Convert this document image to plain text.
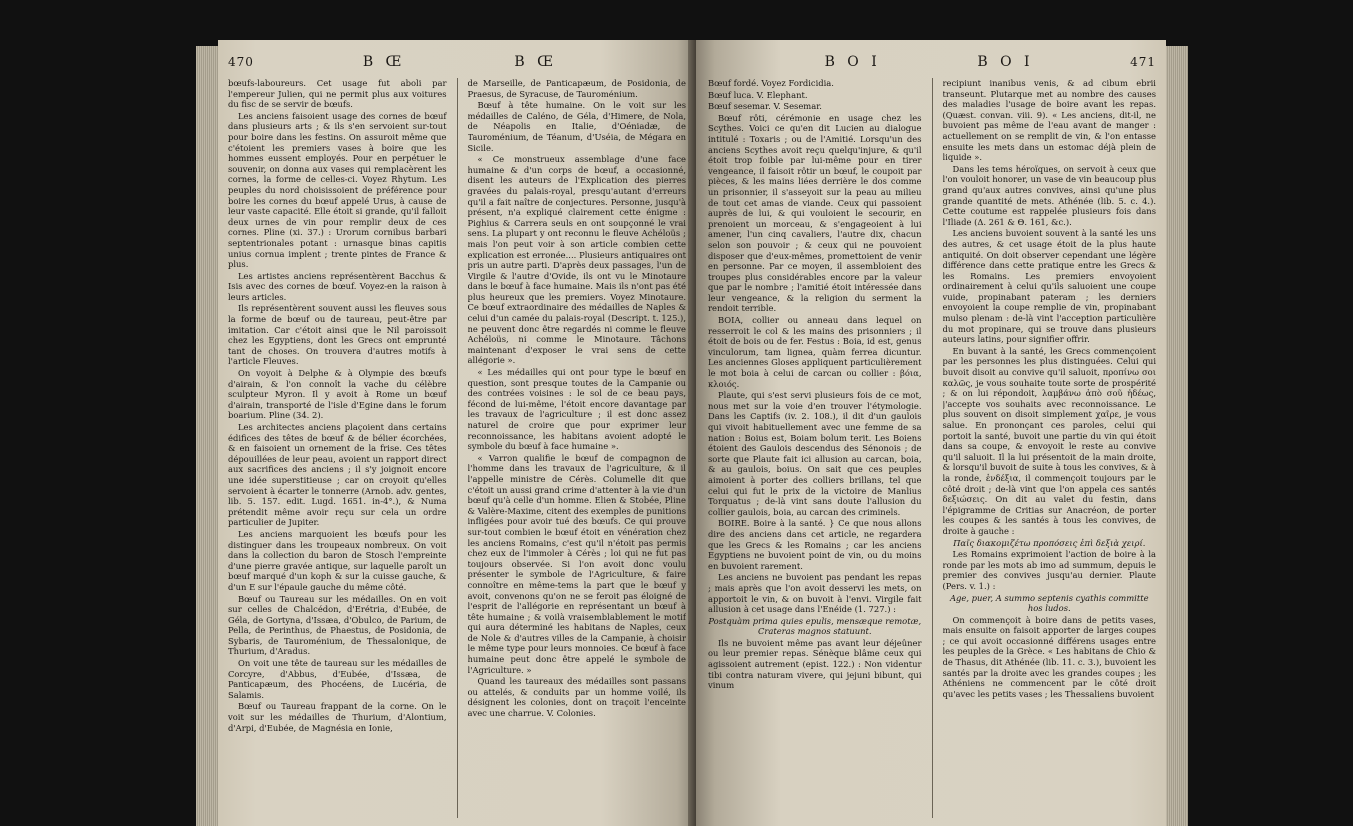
470	B Œ	B Œ

bœufs-laboureurs. Cet usage fut aboli par l'empereur Julien, qui ne permit plus aux voitures du fisc de se servir de bœufs.

Les anciens faisoient usage des cornes de bœuf dans plusieurs arts ; & ils s'en servoient sur-tout pour boire dans les festins. On assuroit même que c'étoient les premiers vases à boire que les hommes eussent employés. Pour en perpétuer le souvenir, on donna aux vases qui remplacèrent les cornes, la forme de celles-ci. Voyez Rhytum. Les peuples du nord choisissoient de préférence pour boire les cornes du bœuf appelé Urus, à cause de leur vaste capacité. Elle étoit si grande, qu'il falloit deux urnes de vin pour remplir deux de ces cornes. Pline (xi. 37.) : Urorum cornibus barbari septentrionales potant : urnasque binas capitis unius cornua implent ; trente pintes de France & plus.

Les artistes anciens représentèrent Bacchus & Isis avec des cornes de bœuf. Voyez-en la raison à leurs articles.

Ils représentèrent souvent aussi les fleuves sous la forme de bœuf ou de taureau, peut-être par imitation. Car c'étoit ainsi que le Nil paroissoit chez les Egyptiens, dont les Grecs ont emprunté tant de choses. On trouvera d'autres motifs à l'article Fleuves.

On voyoit à Delphe & à Olympie des bœufs d'airain, & l'on connoît la vache du célèbre sculpteur Myron. Il y avoit à Rome un bœuf d'airain, transporté de l'isle d'Egine dans le forum boarium. Pline (34. 2).

Les architectes anciens plaçoient dans certains édifices des têtes de bœuf & de bélier écorchées, & en faisoient un ornement de la frise. Ces têtes dépouillées de leur peau, avoient un rapport direct aux sacrifices des anciens ; il s'y joignoit encore une idée superstitieuse ; car on croyoit qu'elles servoient à écarter le tonnerre (Arnob. adv. gentes, lib. 5. 157. edit. Lugd. 1651. in-4°.), & Numa prétendit même avoir reçu sur cela un ordre particulier de Jupiter.

Les anciens marquoient les bœufs pour les distinguer dans les troupeaux nombreux. On voit dans la collection du baron de Stosch l'empreinte d'une pierre gravée antique, sur laquelle paroît un bœuf marqué d'un koph & sur la cuisse gauche, & d'un E sur l'épaule gauche du même côté.

Bœuf ou Taureau sur les médailles. On en voit sur celles de Chalcédon, d'Erétria, d'Eubée, de Géla, de Gortyna, d'Issæa, d'Obulco, de Parium, de Pella, de Perinthus, de Phaestus, de Posidonia, de Sybaris, de Tauroménium, de Thessalonique, de Thurium, d'Aradus.

On voit une tête de taureau sur les médailles de Corcyre, d'Abbus, d'Eubée, d'Issæa, de Panticapæum, des Phocéens, de Lucéria, de Salamis.

Bœuf ou Taureau frappant de la corne. On le voit sur les médailles de Thurium, d'Alontium, d'Arpi, d'Eubée, de Magnésia en Ionie,

de Marseille, de Panticapæum, de Posidonia, de Praesus, de Syracuse, de Tauroménium.

Bœuf à tête humaine. On le voit sur les médailles de Caléno, de Géla, d'Himere, de Nola, de Néapolis en Italie, d'Oéniadæ, de Tauroménium, de Téanum, d'Uséia, de Mégara en Sicile.

« Ce monstrueux assemblage d'une face humaine & d'un corps de bœuf, a occasionné, disent les auteurs de l'Explication des pierres gravées du palais-royal, presqu'autant d'erreurs qu'il a fait naître de conjectures. Personne, jusqu'à présent, n'a expliqué clairement cette énigme : Pighius & Carrera seuls en ont soupçonné le vrai sens. La plupart y ont reconnu le fleuve Achéloüs ; mais l'on peut voir à son article combien cette explication est erronée.... Plusieurs antiquaires ont pris un autre parti. D'après deux passages, l'un de Virgile & l'autre d'Ovide, ils ont vu le Minotaure dans le bœuf à face humaine. Mais ils n'ont pas été plus heureux que les premiers. Voyez Minotaure. Ce bœuf extraordinaire des médailles de Naples & celui d'un camée du palais-royal (Descript. t. 125.), ne peuvent donc être regardés ni comme le fleuve Achéloüs, ni comme le Minotaure. Tâchons maintenant d'exposer le vrai sens de cette allégorie ».

« Les médailles qui ont pour type le bœuf en question, sont presque toutes de la Campanie ou des contrées voisines : le sol de ce beau pays, fécond de lui-même, l'étoit encore davantage par les travaux de l'agriculture ; il est donc assez naturel de croire que pour exprimer leur reconnoissance, les habitans avoient adopté le symbole du bœuf à face humaine ».

« Varron qualifie le bœuf de compagnon de l'homme dans les travaux de l'agriculture, & il l'appelle ministre de Cérès. Columelle dit que c'étoit un aussi grand crime d'attenter à la vie d'un bœuf qu'à celle d'un homme. Elien & Stobée, Pline & Valère-Maxime, citent des exemples de punitions infligées pour avoir tué des bœufs. Ce qui prouve sur-tout combien le bœuf étoit en vénération chez les anciens Romains, c'est qu'il n'étoit pas permis chez eux de l'immoler à Cérès ; loi qui ne fut pas toujours observée. Si l'on avoit donc voulu présenter le symbole de l'Agriculture, & faire connoître en même-tems la part que le bœuf y avoit, convenons qu'on ne se feroit pas éloigné de l'esprit de l'allégorie en représentant un bœuf à tête humaine ; & voilà vraisemblablement le motif qui aura déterminé les habitans de Naples, ceux de Nole & d'autres villes de la Campanie, à choisir le même type pour leurs monnoies. Ce bœuf à face humaine peut donc être appelé le symbole de l'Agriculture. »

Quand les taureaux des médailles sont passans ou attelés, & conduits par un homme voilé, ils désignent les colonies, dont on traçoit l'enceinte avec une charrue. V. Colonies.

B O I	B O I	471

Bœuf fordé. Voyez Fordicidia.

Bœuf luca. V. Elephant.

Bœuf sesemar. V. Sesemar.

Bœuf rôti, cérémonie en usage chez les Scythes. Voici ce qu'en dit Lucien au dialogue intitulé : Toxaris ; ou de l'Amitié. Lorsqu'un des anciens Scythes avoit reçu quelqu'injure, & qu'il étoit trop foible par lui-même pour en tirer vengeance, il faisoit rôtir un bœuf, le coupoit par pièces, & les mains liées derrière le dos comme un prisonnier, il s'asseyoit sur la peau au milieu de tout cet amas de viande. Ceux qui passoient auprès de lui, & qui vouloient le secourir, en prenoient un morceau, & s'engageoient à lui amener, l'un cinq cavaliers, l'autre dix, chacun selon son pouvoir ; & ceux qui ne pouvoient disposer que d'eux-mêmes, promettoient de venir en personne. Par ce moyen, il assembloient des troupes plus considérables encore par la valeur que par le nombre ; l'amitié étoit intéressée dans leur vengeance, & la religion du serment la rendoit terrible.

BOIA, collier ou anneau dans lequel on resserroit le col & les mains des prisonniers ; il étoit de bois ou de fer. Festus : Boia, id est, genus vinculorum, tam lignea, quàm ferrea dicuntur. Les anciennes Gloses appliquent particulièrement le mot boia à celui de carcan ou collier : βόια, κλοιός.

Plaute, qui s'est servi plusieurs fois de ce mot, nous met sur la voie d'en trouver l'étymologie. Dans les Captifs (iv. 2. 108.), il dit d'un gaulois qui vivoit habituellement avec une femme de sa nation : Boius est, Boiam bolum terit. Les Boiens étoient des Gaulois descendus des Sénonois ; de sorte que Plaute fait ici allusion au carcan, boia, & au gaulois, boius. On sait que ces peuples aimoient à porter des colliers brillans, tel que celui qui fut le prix de la victoire de Manlius Torquatus ; de-là vint sans doute l'allusion du collier gaulois, boia, au carcan des criminels.

BOIRE. Boire à la santé. } Ce que nous allons dire des anciens dans cet article, ne regardera que les Grecs & les Romains ; car les anciens Egyptiens ne buvoient point de vin, ou du moins en buvoient rarement.

Les anciens ne buvoient pas pendant les repas ; mais après que l'on avoit desservi les mets, on apportoit le vin, & on buvoit à l'envi. Virgile fait allusion à cet usage dans l'Enéide (1. 727.) :

Postquàm prima quies epulis, mensæque remotæ, Crateras magnos statuunt.

Ils ne buvoient même pas avant leur déjeûner ou leur premier repas. Sénèque blâme ceux qui agissoient autrement (epist. 122.) : Non videntur tibi contra naturam vivere, qui jejuni bibunt, qui vinum

recipiunt inanibus venis, & ad cibum ebrii transeunt. Plutarque met au nombre des causes des maladies l'usage de boire avant les repas. (Quæst. convan. viii. 9). « Les anciens, dit-il, ne buvoient pas même de l'eau avant de manger : actuellement on se remplit de vin, & l'on entasse ensuite les mets dans un estomac déjà plein de liquide ».

Dans les tems héroïques, on servoit à ceux que l'on vouloit honorer, un vase de vin beaucoup plus grand qu'aux autres convives, ainsi qu'une plus grande quantité de mets. Athénée (lib. 5. c. 4.). Cette coutume est rappelée plusieurs fois dans l'Iliade (Δ. 261 & Θ. 161, &c.).

Les anciens buvoient souvent à la santé les uns des autres, & cet usage étoit de la plus haute antiquité. On doit observer cependant une légère différence dans cette pratique entre les Grecs & les Romains. Les premiers envoyoient ordinairement à celui qu'ils saluoient une coupe vuide, propinabant pateram ; les derniers envoyoient la coupe remplie de vin, propinabant mulso plenam : de-là vint l'acception particulière du mot propinare, qui se trouve dans plusieurs auteurs latins, pour signifier offrir.

En buvant à la santé, les Grecs commençoient par les personnes les plus distinguées. Celui qui buvoit disoit au convive qu'il saluoit, προπίνω σοι καλῶς, je vous souhaite toute sorte de prospérité ; & on lui répondoit, λαμβάνω ἀπὸ σοῦ ἡδέως, j'accepte vos souhaits avec reconnoissance. Le plus souvent on disoit simplement χαῖρε, je vous salue. En prononçant ces paroles, celui qui portoit la santé, buvoit une partie du vin qui étoit dans sa coupe, & envoyoit le reste au convive qu'il saluoit. Il la lui présentoit de la main droite, & lorsqu'il buvoit de suite à tous les convives, & à la ronde, ἐνδέξια, il commençoit toujours par le côté droit ; de-là vint que l'on appela ces santés δεξιώσεις. On dit au valet du festin, dans l'épigramme de Critias sur Anacréon, de porter les coupes & les santés à tous les convives, de droite à gauche :

Παῖς διακομιζέτω προπόσεις ἐπὶ δεξιὰ χειρί.

Les Romains exprimoient l'action de boire à la ronde par les mots ab imo ad summum, depuis le premier des convives jusqu'au dernier. Plaute (Pers. v. 1.) :

Age, puer, A summo septenis cyathis committe hos ludos.

On commençoit à boire dans de petits vases, mais ensuite on faisoit apporter de larges coupes ; ce qui avoit occasionné différens usages entre les peuples de la Grèce. « Les habitans de Chio & de Thasus, dit Athénée (lib. 11. c. 3.), buvoient les santés par la droite avec les grandes coupes ; les Athéniens ne commencent par le côté droit qu'avec les petits vases ; les Thessaliens buvoient
